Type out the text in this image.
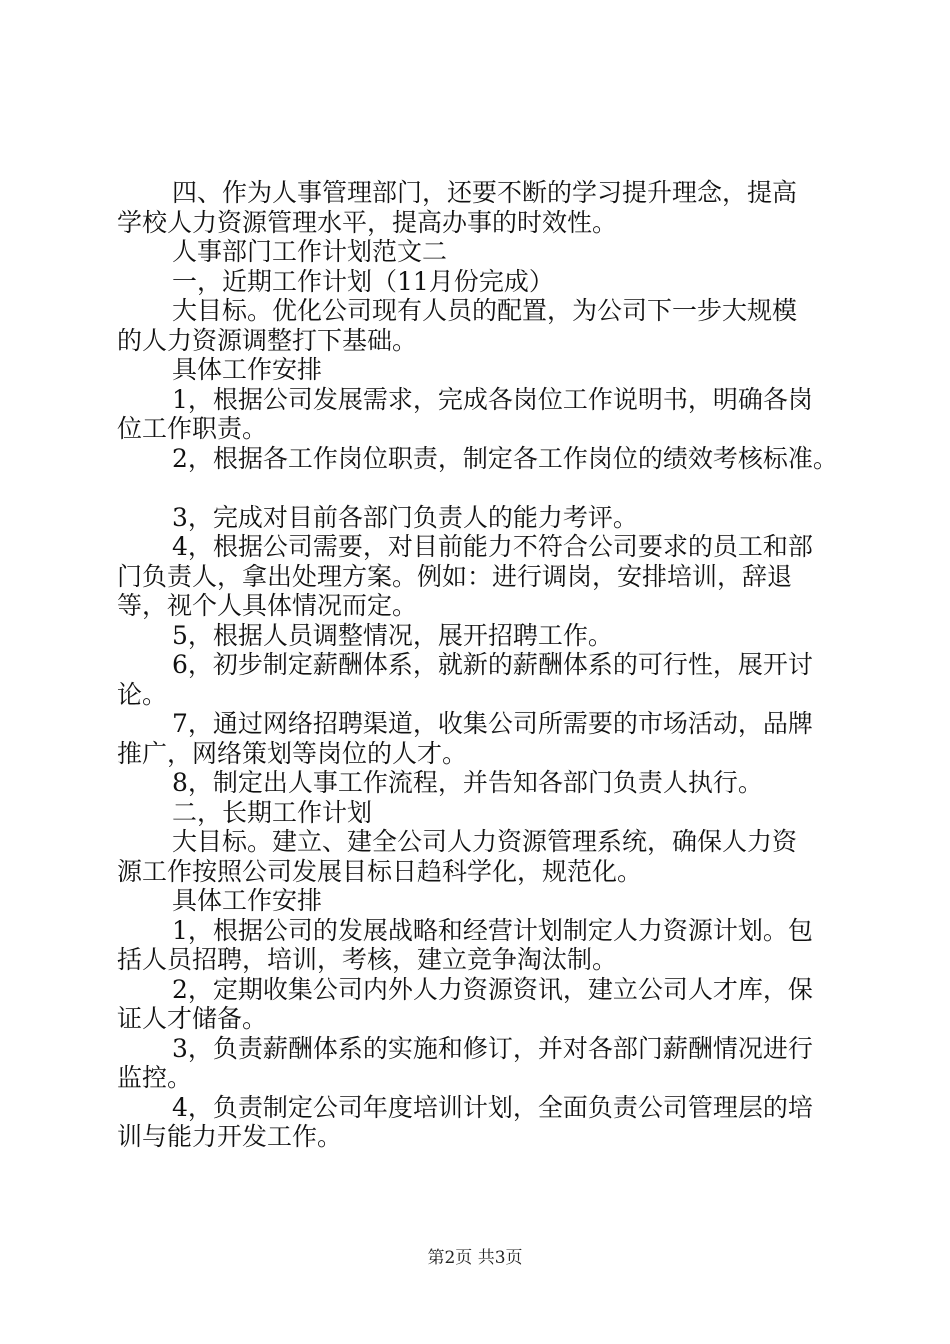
四、作为人事管理部门，还要不断的学习提升理念，提高
学校人力资源管理水平，提高办事的时效性。
人事部门工作计划范文二
一，近期工作计划（11月份完成）
大目标。优化公司现有人员的配置，为公司下一步大规模
的人力资源调整打下基础。
具体工作安排
1，根据公司发展需求，完成各岗位工作说明书，明确各岗
位工作职责。
2，根据各工作岗位职责，制定各工作岗位的绩效考核标准。
3，完成对目前各部门负责人的能力考评。
4，根据公司需要，对目前能力不符合公司要求的员工和部
门负责人，拿出处理方案。例如：进行调岗，安排培训，辞退
等，视个人具体情况而定。
5，根据人员调整情况，展开招聘工作。
6，初步制定薪酬体系，就新的薪酬体系的可行性，展开讨
论。
7，通过网络招聘渠道，收集公司所需要的市场活动，品牌
推广，网络策划等岗位的人才。
8，制定出人事工作流程，并告知各部门负责人执行。
二，长期工作计划
大目标。建立、建全公司人力资源管理系统，确保人力资
源工作按照公司发展目标日趋科学化，规范化。
具体工作安排
1，根据公司的发展战略和经营计划制定人力资源计划。包
括人员招聘，培训，考核，建立竞争淘汰制。
2，定期收集公司内外人力资源资讯，建立公司人才库，保
证人才储备。
3，负责薪酬体系的实施和修订，并对各部门薪酬情况进行
监控。
4，负责制定公司年度培训计划，全面负责公司管理层的培
训与能力开发工作。
第2页 共3页
